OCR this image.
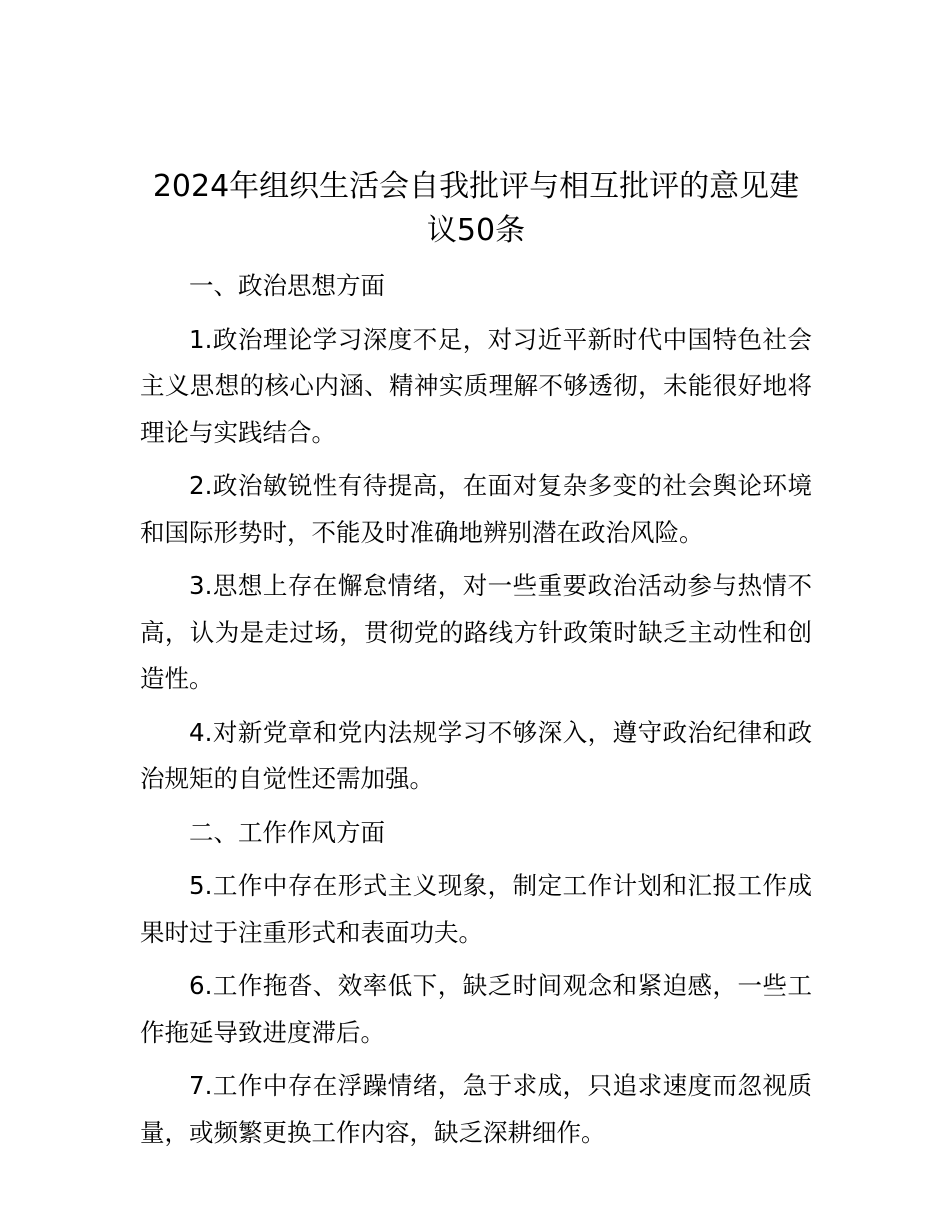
2024年组织生活会自我批评与相互批评的意见建议50条

一、政治思想方面

1.政治理论学习深度不足，对习近平新时代中国特色社会主义思想的核心内涵、精神实质理解不够透彻，未能很好地将理论与实践结合。

2.政治敏锐性有待提高，在面对复杂多变的社会舆论环境和国际形势时，不能及时准确地辨别潜在政治风险。

3.思想上存在懈怠情绪，对一些重要政治活动参与热情不高，认为是走过场，贯彻党的路线方针政策时缺乏主动性和创造性。

4.对新党章和党内法规学习不够深入，遵守政治纪律和政治规矩的自觉性还需加强。

二、工作作风方面

5.工作中存在形式主义现象，制定工作计划和汇报工作成果时过于注重形式和表面功夫。

6.工作拖沓、效率低下，缺乏时间观念和紧迫感，一些工作拖延导致进度滞后。

7.工作中存在浮躁情绪，急于求成，只追求速度而忽视质量，或频繁更换工作内容，缺乏深耕细作。
